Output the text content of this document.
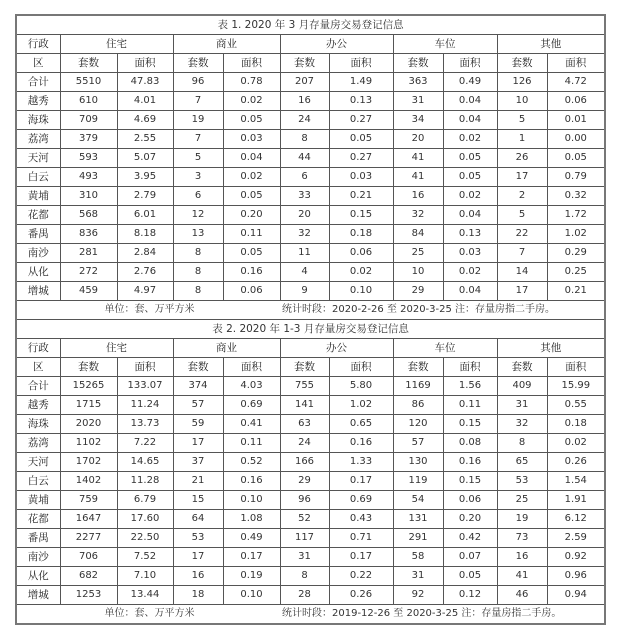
表 1. 2020 年 3 月存量房交易登记信息										
行政	住宅		商业		办公		车位		其他	
区	套数	面积	套数	面积	套数	面积	套数	面积	套数	面积
合计	5510	47.83	96	0.78	207	1.49	363	0.49	126	4.72
越秀	610	4.01	7	0.02	16	0.13	31	0.04	10	0.06
海珠	709	4.69	19	0.05	24	0.27	34	0.04	5	0.01
荔湾	379	2.55	7	0.03	8	0.05	20	0.02	1	0.00
天河	593	5.07	5	0.04	44	0.27	41	0.05	26	0.05
白云	493	3.95	3	0.02	6	0.03	41	0.05	17	0.79
黄埔	310	2.79	6	0.05	33	0.21	16	0.02	2	0.32
花都	568	6.01	12	0.20	20	0.15	32	0.04	5	1.72
番禺	836	8.18	13	0.11	32	0.18	84	0.13	22	1.02
南沙	281	2.84	8	0.05	11	0.06	25	0.03	7	0.29
从化	272	2.76	8	0.16	4	0.02	10	0.02	14	0.25
增城	459	4.97	8	0.06	9	0.10	29	0.04	17	0.21
单位：套、万平方米 统计时段：2020-2-26 至 2020-3-25 注：存量房指二手房。										
表 2. 2020 年 1-3 月存量房交易登记信息										
行政	住宅		商业		办公		车位		其他	
区	套数	面积	套数	面积	套数	面积	套数	面积	套数	面积
合计	15265	133.07	374	4.03	755	5.80	1169	1.56	409	15.99
越秀	1715	11.24	57	0.69	141	1.02	86	0.11	31	0.55
海珠	2020	13.73	59	0.41	63	0.65	120	0.15	32	0.18
荔湾	1102	7.22	17	0.11	24	0.16	57	0.08	8	0.02
天河	1702	14.65	37	0.52	166	1.33	130	0.16	65	0.26
白云	1402	11.28	21	0.16	29	0.17	119	0.15	53	1.54
黄埔	759	6.79	15	0.10	96	0.69	54	0.06	25	1.91
花都	1647	17.60	64	1.08	52	0.43	131	0.20	19	6.12
番禺	2277	22.50	53	0.49	117	0.71	291	0.42	73	2.59
南沙	706	7.52	17	0.17	31	0.17	58	0.07	16	0.92
从化	682	7.10	16	0.19	8	0.22	31	0.05	41	0.96
增城	1253	13.44	18	0.10	28	0.26	92	0.12	46	0.94
单位：套、万平方米 统计时段：2019-12-26 至 2020-3-25 注：存量房指二手房。										
